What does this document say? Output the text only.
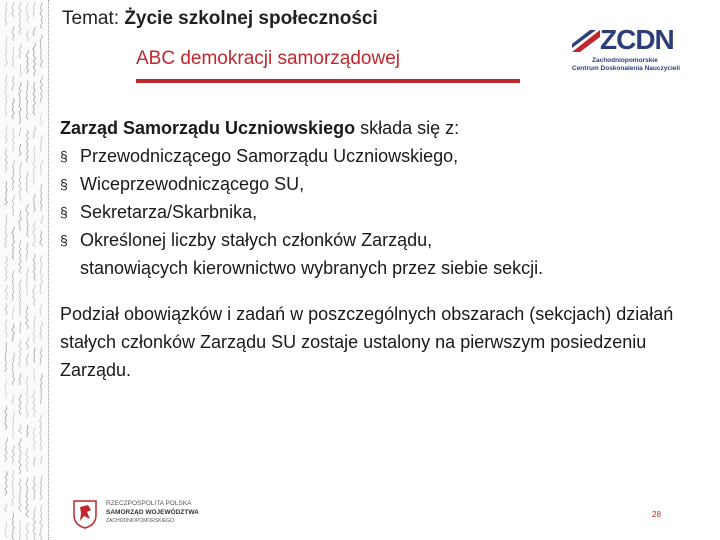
Temat: Życie szkolnej społeczności
ABC demokracji samorządowej
ZCDN
Zachodniopomorskie
Centrum Doskonalenia Nauczycieli
Zarząd Samorządu Uczniowskiego składa się z:
§ Przewodniczącego Samorządu Uczniowskiego,
§ Wiceprzewodniczącego SU,
§ Sekretarza/Skarbnika,
§ Określonej liczby stałych członków Zarządu,
stanowiących kierownictwo wybranych przez siebie sekcji.
Podział obowiązków i zadań w poszczególnych obszarach (sekcjach) działań stałych członków Zarządu SU zostaje ustalony na pierwszym posiedzeniu Zarządu.
RZECZPOSPOLITA POLSKA
SAMORZĄD WOJEWÓDZTWA
ZACHODNIOPOMORSKIEGO
28
